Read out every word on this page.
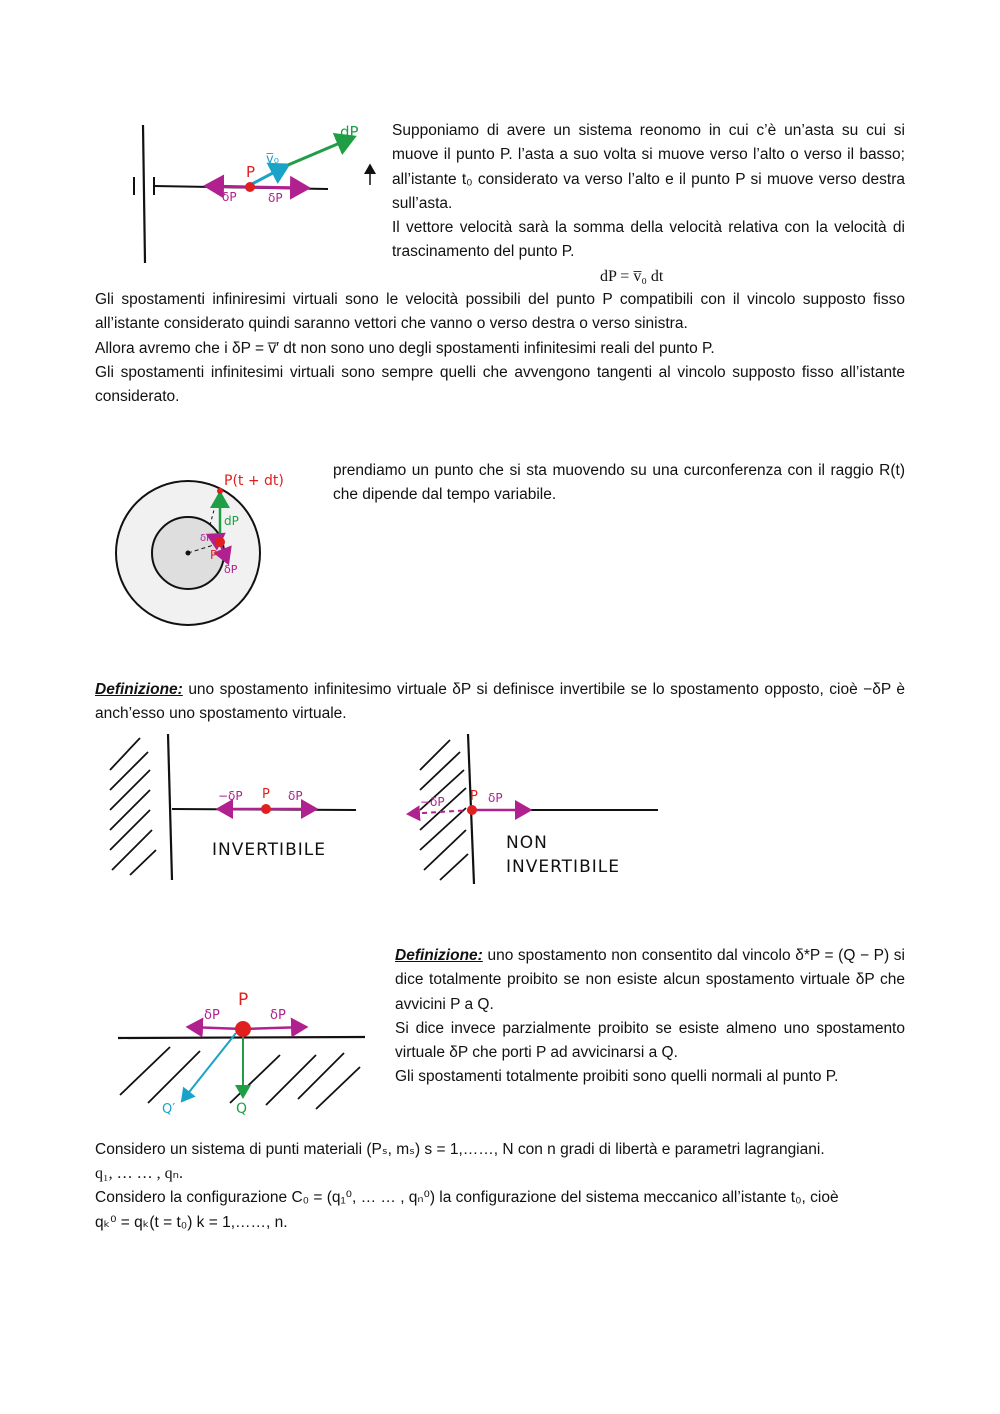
dP
v̅₀
P
δP	δP
Supponiamo di avere un sistema reonomo in cui c’è un’asta su cui si muove il punto P. l’asta a suo volta si muove verso l’alto o verso il basso; all’istante t₀ considerato va verso l’alto e il punto P si muove verso destra sull’asta.
Il vettore velocità sarà la somma della velocità relativa con la velocità di trascinamento del punto P.
dP = v̅₀ dt
Gli spostamenti infiniresimi virtuali sono le velocità possibili del punto P compatibili con il vincolo supposto fisso all’istante considerato quindi saranno vettori che vanno o verso destra o verso sinistra.
Allora avremo che i δP = v̅′ dt non sono uno degli spostamenti infinitesimi reali del punto P.
Gli spostamenti infinitesimi virtuali sono sempre quelli che avvengono tangenti al vincolo supposto fisso all’istante considerato.
P(t + dt)
dP
δP
P
δP
prendiamo un punto che si sta muovendo su una curconferenza con il raggio R(t) che dipende dal tempo variabile.
Definizione: uno spostamento infinitesimo virtuale δP si definisce invertibile se lo spostamento opposto, cioè −δP è anch’esso uno spostamento virtuale.
−δP P δP
INVERTIBILE
−δP P δP
NON
INVERTIBILE
δP
P
δP
Q′	Q
Definizione: uno spostamento non consentito dal vincolo δ*P = (Q − P) si dice totalmente proibito se non esiste alcun spostamento virtuale δP che avvicini P a Q.
Si dice invece parzialmente proibito se esiste almeno uno spostamento virtuale δP che porti P ad avvicinarsi a Q.
Gli spostamenti totalmente proibiti sono quelli normali al punto P.
Considero un sistema di punti materiali (Pₛ, mₛ) s = 1,……, N con n gradi di libertà e parametri lagrangiani.
q₁, … … , qₙ.
Considero la configurazione C₀ = (q₁⁰, … … , qₙ⁰) la configurazione del sistema meccanico all’istante t₀, cioè
qₖ⁰ = qₖ(t = t₀) k = 1,……, n.
